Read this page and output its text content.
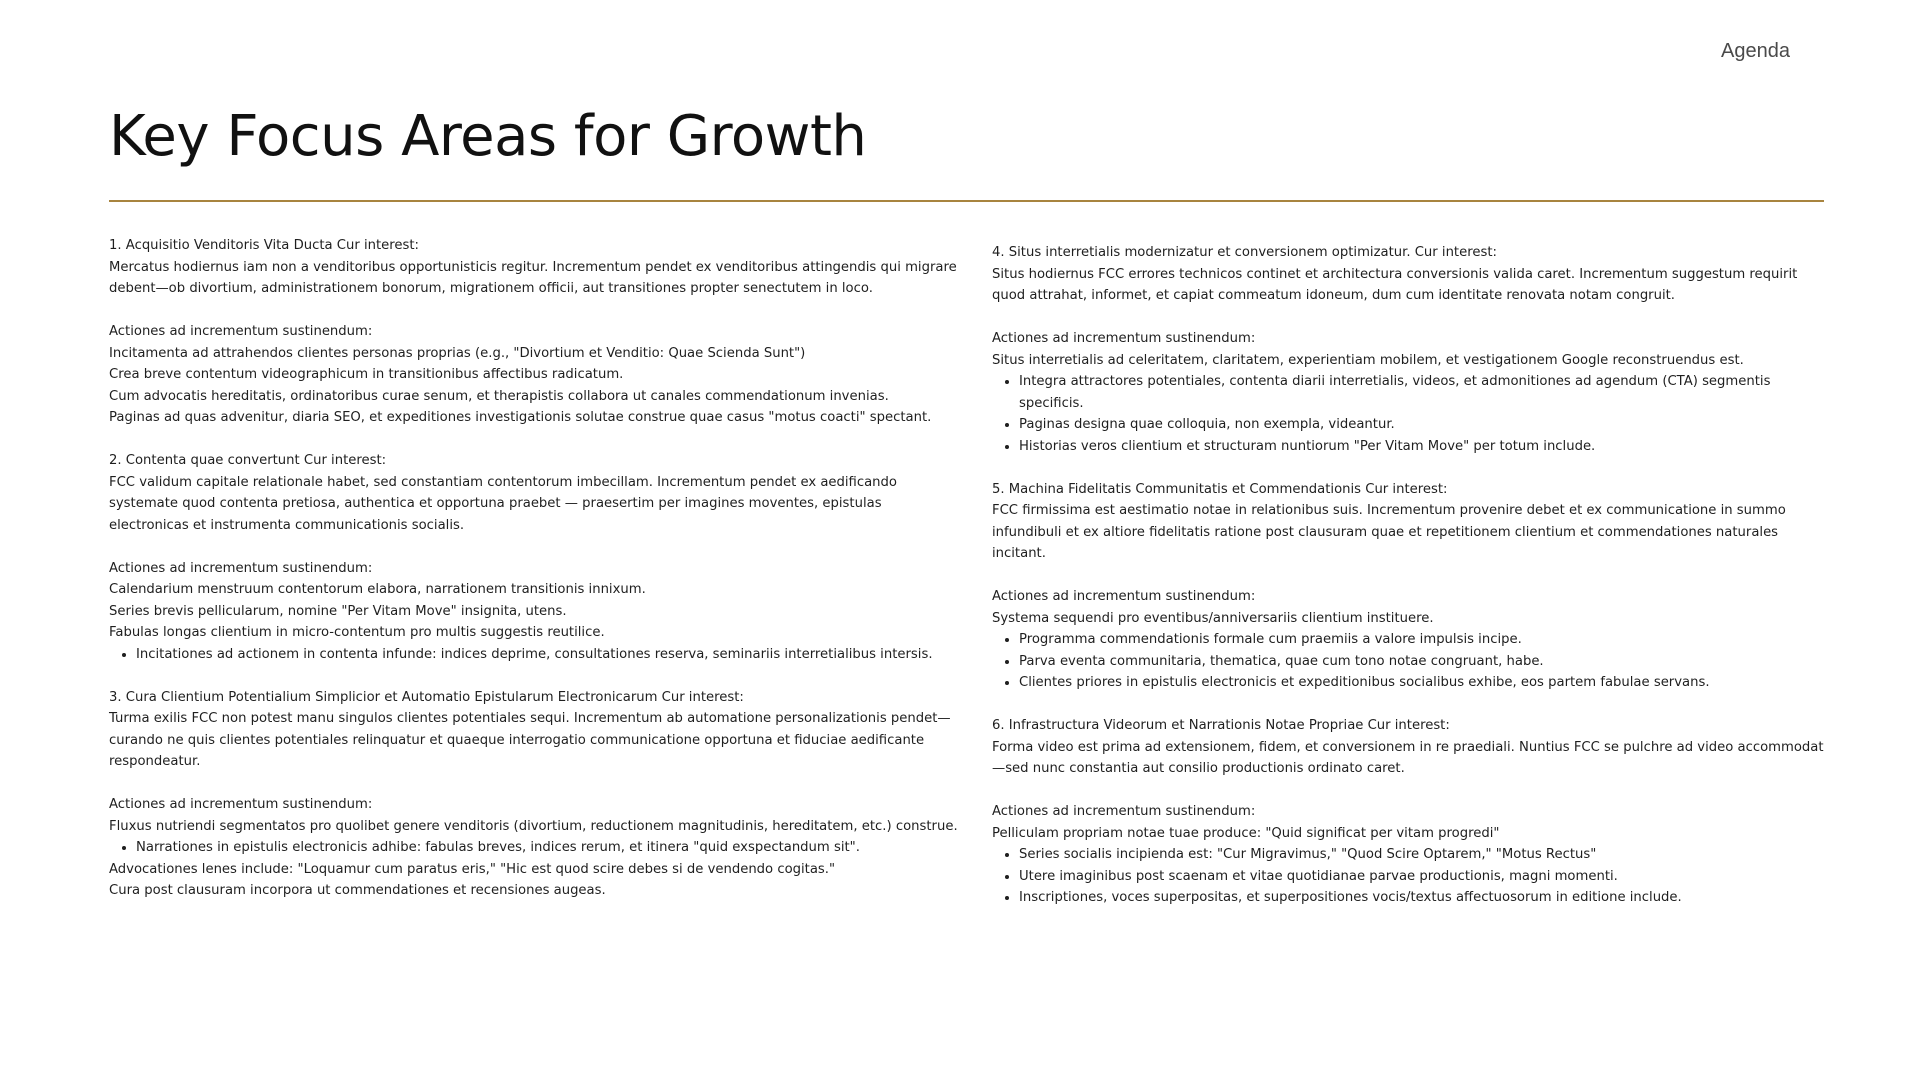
Agenda
Key Focus Areas for Growth
1. Acquisitio Venditoris Vita Ducta Cur interest:
Mercatus hodiernus iam non a venditoribus opportunisticis regitur. Incrementum pendet ex venditoribus attingendis qui migrare debent—ob divortium, administrationem bonorum, migrationem officii, aut transitiones propter senectutem in loco.
Actiones ad incrementum sustinendum:
Incitamenta ad attrahendos clientes personas proprias (e.g., "Divortium et Venditio: Quae Scienda Sunt")
Crea breve contentum videographicum in transitionibus affectibus radicatum.
Cum advocatis hereditatis, ordinatoribus curae senum, et therapistis collabora ut canales commendationum invenias.
Paginas ad quas advenitur, diaria SEO, et expeditiones investigationis solutae construe quae casus "motus coacti" spectant.
2. Contenta quae convertunt Cur interest:
FCC validum capitale relationale habet, sed constantiam contentorum imbecillam. Incrementum pendet ex aedificando systemate quod contenta pretiosa, authentica et opportuna praebet — praesertim per imagines moventes, epistulas electronicas et instrumenta communicationis socialis.
Actiones ad incrementum sustinendum:
Calendarium menstruum contentorum elabora, narrationem transitionis innixum.
Series brevis pellicularum, nomine "Per Vitam Move" insignita, utens.
Fabulas longas clientium in micro-contentum pro multis suggestis reutilice.
• Incitationes ad actionem in contenta infunde: indices deprime, consultationes reserva, seminariis interretialibus intersis.
3. Cura Clientium Potentialium Simplicior et Automatio Epistularum Electronicarum Cur interest:
Turma exilis FCC non potest manu singulos clientes potentiales sequi. Incrementum ab automatione personalizationis pendet—curando ne quis clientes potentiales relinquatur et quaeque interrogatio communicatione opportuna et fiduciae aedificante respondeatur.
Actiones ad incrementum sustinendum:
Fluxus nutriendi segmentatos pro quolibet genere venditoris (divortium, reductionem magnitudinis, hereditatem, etc.) construe.
• Narrationes in epistulis electronicis adhibe: fabulas breves, indices rerum, et itinera "quid exspectandum sit".
Advocationes lenes include: "Loquamur cum paratus eris," "Hic est quod scire debes si de vendendo cogitas."
Cura post clausuram incorpora ut commendationes et recensiones augeas.
4. Situs interretialis modernizatur et conversionem optimizatur. Cur interest:
Situs hodiernus FCC errores technicos continet et architectura conversionis valida caret. Incrementum suggestum requirit quod attrahat, informet, et capiat commeatum idoneum, dum cum identitate renovata notam congruit.
Actiones ad incrementum sustinendum:
Situs interretialis ad celeritatem, claritatem, experientiam mobilem, et vestigationem Google reconstruendus est.
• Integra attractores potentiales, contenta diarii interretialis, videos, et admonitiones ad agendum (CTA) segmentis specificis.
• Paginas designa quae colloquia, non exempla, videantur.
• Historias veros clientium et structuram nuntiorum "Per Vitam Move" per totum include.
5. Machina Fidelitatis Communitatis et Commendationis Cur interest:
FCC firmissima est aestimatio notae in relationibus suis. Incrementum provenire debet et ex communicatione in summo infundibuli et ex altiore fidelitatis ratione post clausuram quae et repetitionem clientium et commendationes naturales incitant.
Actiones ad incrementum sustinendum:
Systema sequendi pro eventibus/anniversariis clientium instituere.
• Programma commendationis formale cum praemiis a valore impulsis incipe.
• Parva eventa communitaria, thematica, quae cum tono notae congruant, habe.
• Clientes priores in epistulis electronicis et expeditionibus socialibus exhibe, eos partem fabulae servans.
6. Infrastructura Videorum et Narrationis Notae Propriae Cur interest:
Forma video est prima ad extensionem, fidem, et conversionem in re praediali. Nuntius FCC se pulchre ad video accommodat—sed nunc constantia aut consilio productionis ordinato caret.
Actiones ad incrementum sustinendum:
Pelliculam propriam notae tuae produce: "Quid significat per vitam progredi"
• Series socialis incipienda est: "Cur Migravimus," "Quod Scire Optarem," "Motus Rectus"
• Utere imaginibus post scaenam et vitae quotidianae parvae productionis, magni momenti.
• Inscriptiones, voces superpositas, et superpositiones vocis/textus affectuosorum in editione include.
